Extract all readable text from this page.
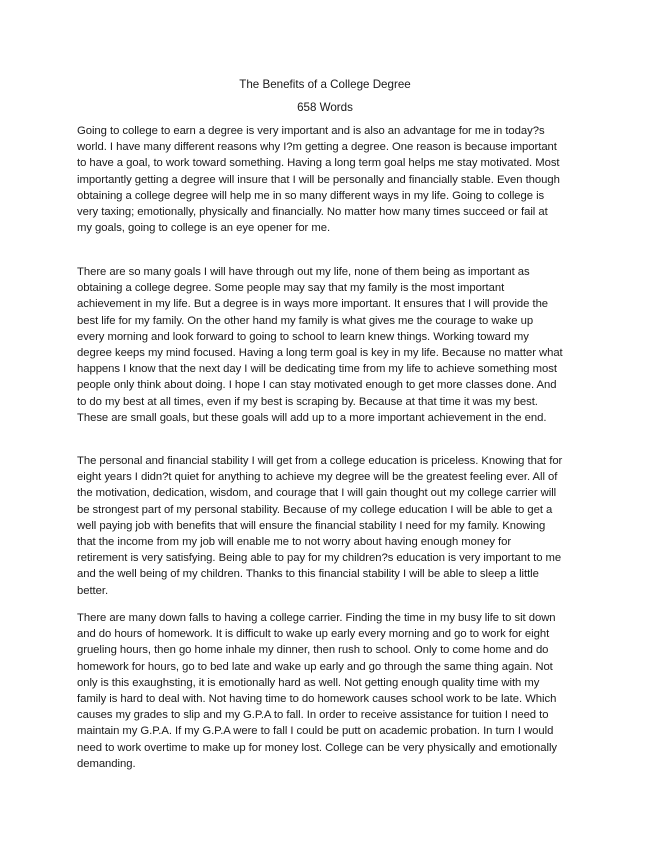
The Benefits of a College Degree
658 Words

Going to college to earn a degree is very important and is also an advantage for me in today?s world. I have many different reasons why I?m getting a degree. One reason is because important to have a goal, to work toward something. Having a long term goal helps me stay motivated. Most importantly getting a degree will insure that I will be personally and financially stable. Even though obtaining a college degree will help me in so many different ways in my life. Going to college is very taxing; emotionally, physically and financially. No matter how many times succeed or fail at my goals, going to college is an eye opener for me.

There are so many goals I will have through out my life, none of them being as important as obtaining a college degree. Some people may say that my family is the most important achievement in my life. But a degree is in ways more important. It ensures that I will provide the best life for my family. On the other hand my family is what gives me the courage to wake up every morning and look forward to going to school to learn knew things. Working toward my degree keeps my mind focused. Having a long term goal is key in my life. Because no matter what happens I know that the next day I will be dedicating time from my life to achieve something most people only think about doing. I hope I can stay motivated enough to get more classes done. And to do my best at all times, even if my best is scraping by. Because at that time it was my best. These are small goals, but these goals will add up to a more important achievement in the end.

The personal and financial stability I will get from a college education is priceless. Knowing that for eight years I didn?t quiet for anything to achieve my degree will be the greatest feeling ever. All of the motivation, dedication, wisdom, and courage that I will gain thought out my college carrier will be strongest part of my personal stability. Because of my college education I will be able to get a well paying job with benefits that will ensure the financial stability I need for my family. Knowing that the income from my job will enable me to not worry about having enough money for retirement is very satisfying. Being able to pay for my children?s education is very important to me and the well being of my children. Thanks to this financial stability I will be able to sleep a little better.

There are many down falls to having a college carrier. Finding the time in my busy life to sit down and do hours of homework. It is difficult to wake up early every morning and go to work for eight grueling hours, then go home inhale my dinner, then rush to school. Only to come home and do homework for hours, go to bed late and wake up early and go through the same thing again. Not only is this exaughsting, it is emotionally hard as well. Not getting enough quality time with my family is hard to deal with. Not having time to do homework causes school work to be late. Which causes my grades to slip and my G.P.A to fall. In order to receive assistance for tuition I need to maintain my G.P.A. If my G.P.A were to fall I could be putt on academic probation. In turn I would need to work overtime to make up for money lost. College can be very physically and emotionally demanding.
